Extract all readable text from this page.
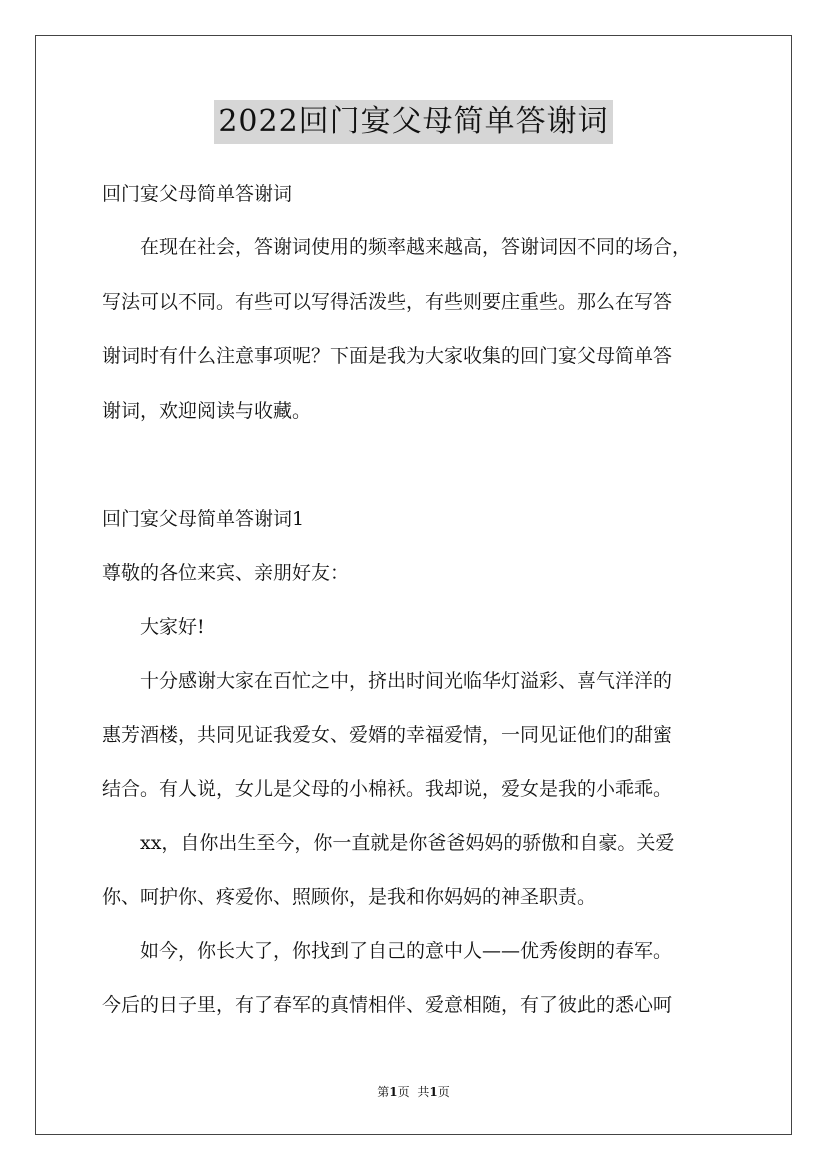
2022回门宴父母简单答谢词
回门宴父母简单答谢词
　　在现在社会，答谢词使用的频率越来越高，答谢词因不同的场合，
写法可以不同。有些可以写得活泼些，有些则要庄重些。那么在写答
谢词时有什么注意事项呢？下面是我为大家收集的回门宴父母简单答
谢词，欢迎阅读与收藏。
回门宴父母简单答谢词1
尊敬的各位来宾、亲朋好友：
　　大家好!
　　十分感谢大家在百忙之中，挤出时间光临华灯溢彩、喜气洋洋的
惠芳酒楼，共同见证我爱女、爱婿的幸福爱情，一同见证他们的甜蜜
结合。有人说，女儿是父母的小棉袄。我却说，爱女是我的小乖乖。
　　xx，自你出生至今，你一直就是你爸爸妈妈的骄傲和自豪。关爱
你、呵护你、疼爱你、照顾你，是我和你妈妈的神圣职责。
　　如今，你长大了，你找到了自己的意中人——优秀俊朗的春军。
今后的日子里，有了春军的真情相伴、爱意相随，有了彼此的悉心呵
第1页 共1页
